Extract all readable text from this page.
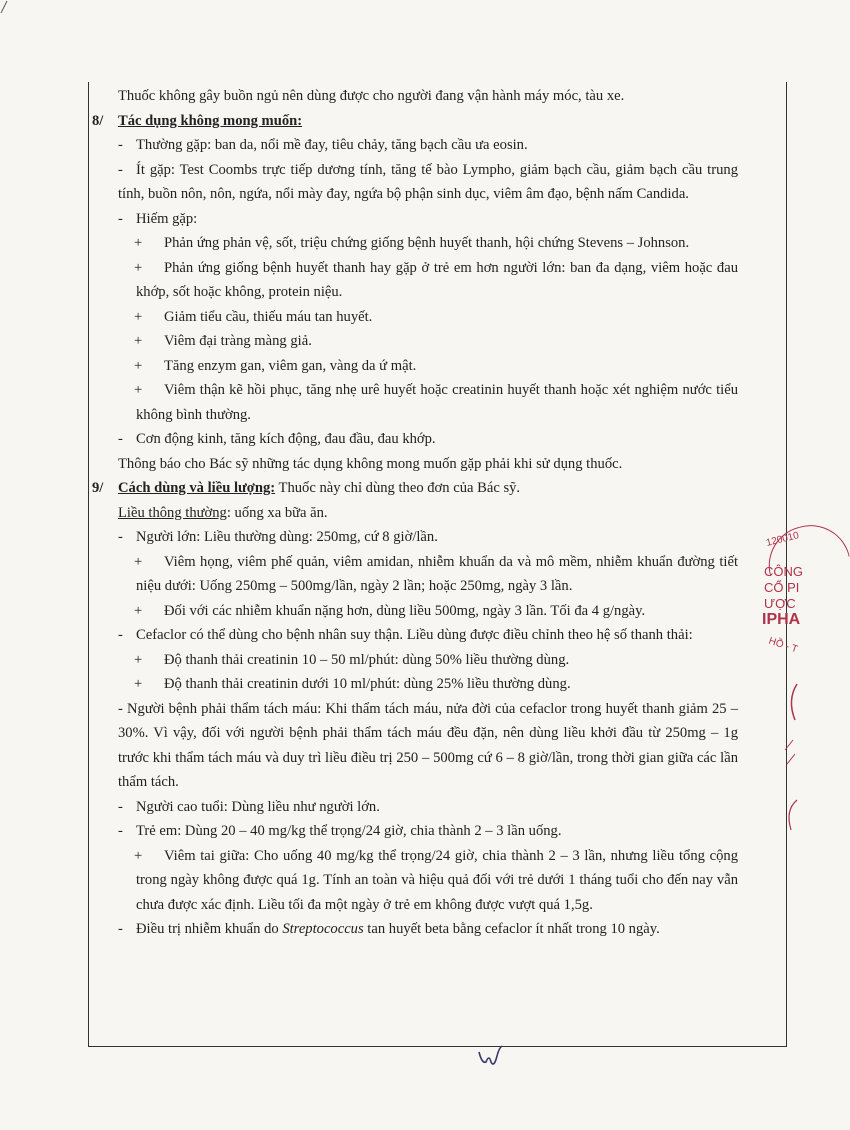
Thuốc không gây buồn ngủ nên dùng được cho người đang vận hành máy móc, tàu xe.
8/ Tác dụng không mong muốn:
- Thường gặp: ban da, nổi mề đay, tiêu chảy, tăng bạch cầu ưa eosin.
- Ít gặp: Test Coombs trực tiếp dương tính, tăng tế bào Lympho, giảm bạch cầu, giảm bạch cầu trung tính, buồn nôn, nôn, ngứa, nổi mày đay, ngứa bộ phận sinh dục, viêm âm đạo, bệnh nấm Candida.
- Hiếm gặp:
+	Phản ứng phản vệ, sốt, triệu chứng giống bệnh huyết thanh, hội chứng Stevens – Johnson.
+	Phản ứng giống bệnh huyết thanh hay gặp ở trẻ em hơn người lớn: ban đa dạng, viêm hoặc đau khớp, sốt hoặc không, protein niệu.
+ Giảm tiểu cầu, thiếu máu tan huyết.
+ Viêm đại tràng màng giả.
+ Tăng enzym gan, viêm gan, vàng da ứ mật.
+	Viêm thận kẽ hồi phục, tăng nhẹ urê huyết hoặc creatinin huyết thanh hoặc xét nghiệm nước tiểu không bình thường.
- Cơn động kinh, tăng kích động, đau đầu, đau khớp.
Thông báo cho Bác sỹ những tác dụng không mong muốn gặp phải khi sử dụng thuốc.
9/ Cách dùng và liều lượng: Thuốc này chỉ dùng theo đơn của Bác sỹ.
Liều thông thường: uống xa bữa ăn.
- Người lớn: Liều thường dùng: 250mg, cứ 8 giờ/lần.
+	Viêm họng, viêm phế quản, viêm amidan, nhiễm khuẩn da và mô mềm, nhiễm khuẩn đường tiết niệu dưới: Uống 250mg – 500mg/lần, ngày 2 lần; hoặc 250mg, ngày 3 lần.
+ Đối với các nhiễm khuẩn nặng hơn, dùng liều 500mg, ngày 3 lần. Tối đa 4 g/ngày.
- Cefaclor có thể dùng cho bệnh nhân suy thận. Liều dùng được điều chỉnh theo hệ số thanh thải:
+ Độ thanh thải creatinin 10 – 50 ml/phút: dùng 50% liều thường dùng.
+ Độ thanh thải creatinin dưới 10 ml/phút: dùng 25% liều thường dùng.
- Người bệnh phải thẩm tách máu: Khi thẩm tách máu, nửa đời của cefaclor trong huyết thanh giảm 25 – 30%. Vì vậy, đối với người bệnh phải thẩm tách máu đều đặn, nên dùng liều khởi đầu từ 250mg – 1g trước khi thẩm tách máu và duy trì liều điều trị 250 – 500mg cứ 6 – 8 giờ/lần, trong thời gian giữa các lần thẩm tách.
- Người cao tuổi: Dùng liều như người lớn.
- Trẻ em: Dùng 20 – 40 mg/kg thể trọng/24 giờ, chia thành 2 – 3 lần uống.
+	Viêm tai giữa: Cho uống 40 mg/kg thể trọng/24 giờ, chia thành 2 – 3 lần, nhưng liều tổng cộng trong ngày không được quá 1g. Tính an toàn và hiệu quả đối với trẻ dưới 1 tháng tuổi cho đến nay vẫn chưa được xác định. Liều tối đa một ngày ở trẻ em không được vượt quá 1,5g.
- Điều trị nhiễm khuẩn do Streptococcus tan huyết beta bằng cefaclor ít nhất trong 10 ngày.
120010
CÔNG
CỔ PI
ƯỢC
IPHA
HỒ - T
